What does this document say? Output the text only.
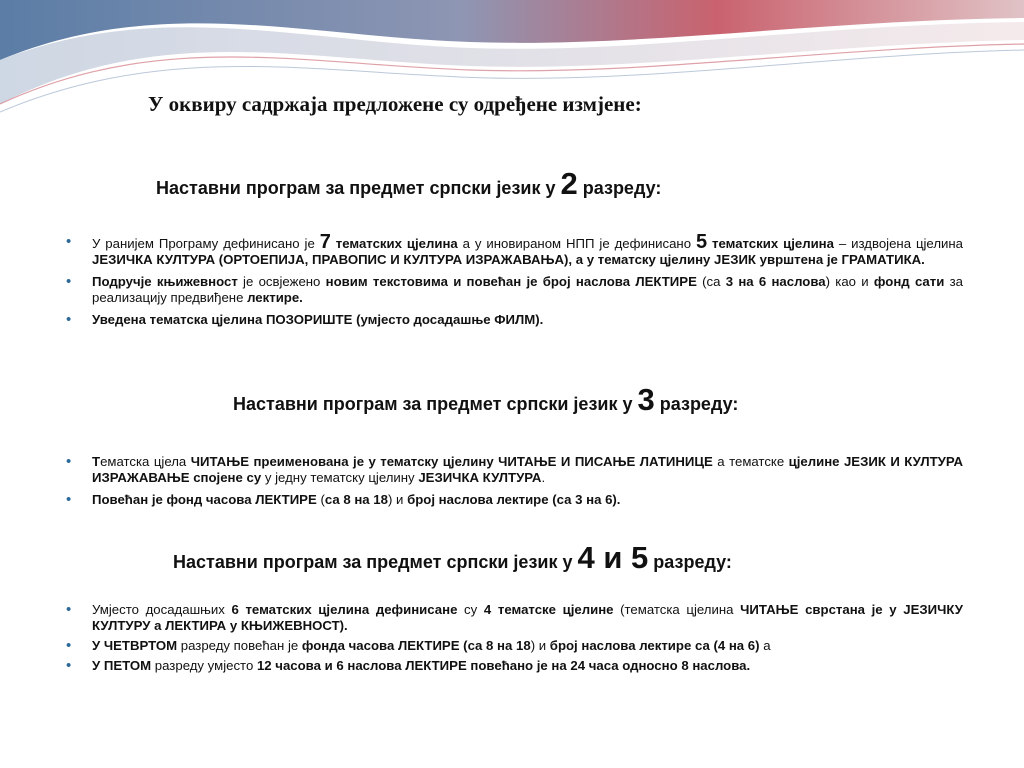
У оквиру садржаја предложене су одређене измјене:
Наставни програм за предмет српски језик у 2 разреду:
• У ранијем Програму дефинисано је 7 тематских цјелина а у иновираном НПП је дефинисано 5 тематских цјелина – издвојена цјелина ЈЕЗИЧКА КУЛТУРА (ОРТОЕПИЈА, ПРАВОПИС И КУЛТУРА ИЗРАЖАВАЊА), а у тематску цјелину ЈЕЗИК уврштена је ГРАМАТИКА.
• Подручје књижевност је освјежено новим текстовима и повећан је број наслова ЛЕКТИРЕ (са 3 на 6 наслова) као и фонд сати за реализацију предвиђене лектире.
• Уведена тематска цјелина ПОЗОРИШТЕ (умјесто досадашње ФИЛМ).
Наставни програм за предмет српски језик у 3 разреду:
• Тематска цјела ЧИТАЊЕ преименована је у тематску цјелину ЧИТАЊЕ И ПИСАЊЕ ЛАТИНИЦЕ а тематске цјелине ЈЕЗИК И КУЛТУРА ИЗРАЖАВАЊЕ спојене су у једну тематску цјелину ЈЕЗИЧКА КУЛТУРА.
• Повећан је фонд часова ЛЕКТИРЕ (са 8 на 18) и број наслова лектире (са 3 на 6).
Наставни програм за предмет српски језик у 4 и 5 разреду:
• Умјесто досадашњих 6 тематских цјелина дефинисане су 4 тематске цјелине (тематска цјелина ЧИТАЊЕ сврстана је у ЈЕЗИЧКУ КУЛТУРУ а ЛЕКТИРА у КЊИЖЕВНОСТ).
• У ЧЕТВРТОМ разреду повећан је фонда часова ЛЕКТИРЕ (са 8 на 18) и број наслова лектире са (4 на 6) а
• У ПЕТОМ разреду умјесто 12 часова и 6 наслова ЛЕКТИРЕ повећано је на 24 часа односно 8 наслова.
